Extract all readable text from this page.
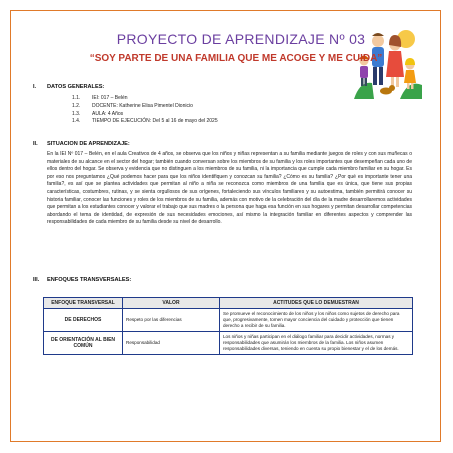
PROYECTO DE APRENDIZAJE Nº 03
“SOY PARTE DE UNA FAMILIA QUE ME ACOGE Y ME CUIDA”
I. DATOS GENERALES:
1.1.	IEI: 017 – Belén
1.2.	DOCENTE: Katherine Elisa Pimentel Dionicio
1.3.	AULA: 4 Años
1.4.	TIEMPO DE EJECUCIÓN: Del 5 al 16 de mayo del 2025
II. SITUACION DE APRENDIZAJE:
En la IEI Nº 017 – Belén, en el aula Creativos de 4 años, se observa que los niños y niñas representan a su familia mediante juegos de roles y con sus muñecas o materiales de su alcance en el sector del hogar; también cuando conversan sobre los miembros de su familia y los roles importantes que desempeñan cada uno de ellos dentro del hogar. Se observa y evidencia que no distinguen a los miembros de su familia, ni la importancia que cumple cada miembro familiar en su hogar. Es por eso nos preguntamos ¿Qué podemos hacer para que los niños identifiquen y conozcan su familia? ¿Cómo es su familia? ¿Por qué es importante tener una familia?, es así que se plantea actividades que permitan al niño a niña se reconozca como miembros de una familia que es única, que tiene sus propias características, costumbres, rutinas, y se sienta orgullosos de sus orígenes, fortaleciendo sus vínculos familiares y su autoestima, también permitirá conocer su historia familiar, conocer las funciones y roles de los miembros de su familia, además con motivo de la celebración del día de la madre desarrollaremos actividades que permitan a los estudiantes conocer y valorar el trabajo que sus madres o la persona que haga esa función en sus hogares y permitan desarrollar competencias abordando el tema de identidad, de expresión de sus necesidades emociones, así mismo la integración familiar en diferentes aspectos y comprender las responsabilidades de cada miembro de su familia desde su nivel de desarrollo.
III. ENFOQUES TRANSVERSALES:
ENFOQUE TRANSVERSAL	VALOR	ACTITUDES QUE LO DEMUESTRAN
DE DERECHOS	Respeto por las diferencias	Se promueve el reconocimiento de los niños y los niños como sujetos de derecho para que, progresivamente, tomen mayor conciencia del cuidado y protección que tienen derecho a recibir de su familia.
DE ORIENTACIÓN AL BIEN COMÚN	Responsabilidad	Los niños y niñas participan en el diálogo familiar para decidir actividades, normas y responsabilidades que asumirán los miembros de la familia. Los niños asumen responsabilidades diversas, teniendo en cuenta su propio bienestar y el de los demás.
